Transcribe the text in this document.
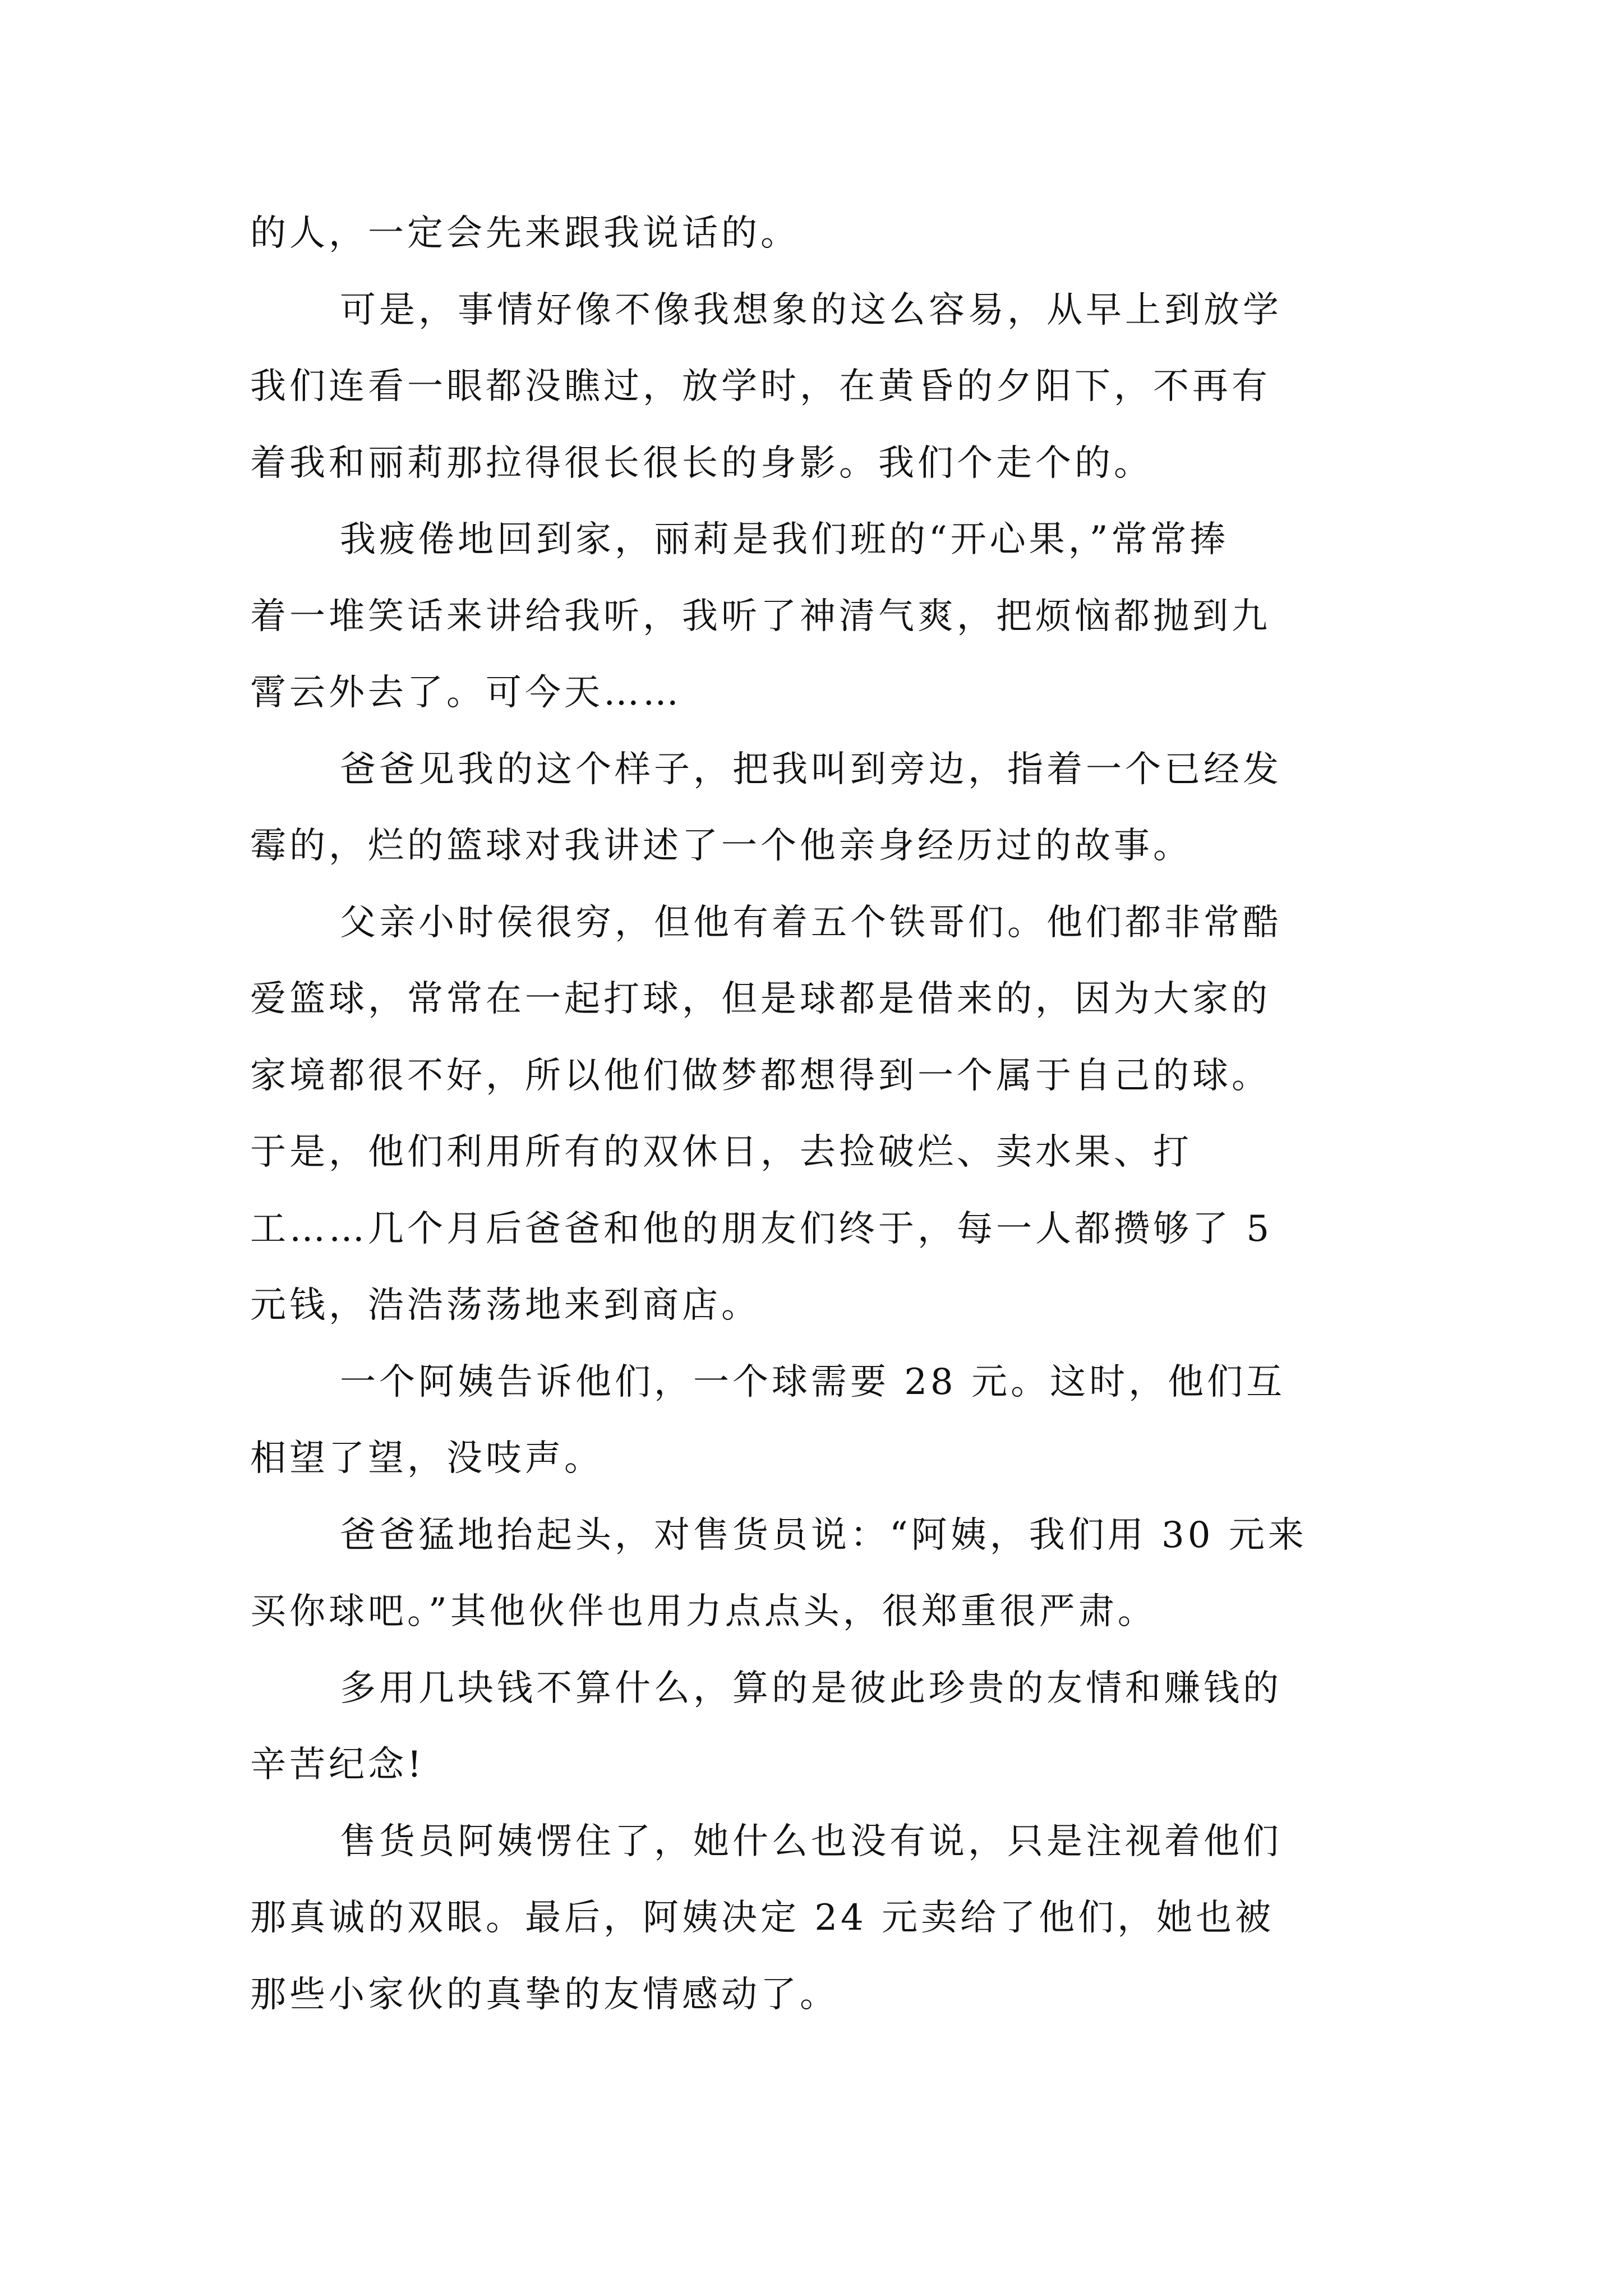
的人，一定会先来跟我说话的。
可是，事情好像不像我想象的这么容易，从早上到放学
我们连看一眼都没瞧过，放学时，在黄昏的夕阳下，不再有
着我和丽莉那拉得很长很长的身影。我们个走个的。
我疲倦地回到家，丽莉是我们班的“开心果，”常常捧
着一堆笑话来讲给我听，我听了神清气爽，把烦恼都抛到九
霄云外去了。可今天……
爸爸见我的这个样子，把我叫到旁边，指着一个已经发
霉的，烂的篮球对我讲述了一个他亲身经历过的故事。
父亲小时侯很穷，但他有着五个铁哥们。他们都非常酷
爱篮球，常常在一起打球，但是球都是借来的，因为大家的
家境都很不好，所以他们做梦都想得到一个属于自己的球。
于是，他们利用所有的双休日，去捡破烂、卖水果、打
工……几个月后爸爸和他的朋友们终于，每一人都攒够了 5
元钱，浩浩荡荡地来到商店。
一个阿姨告诉他们，一个球需要 28 元。这时，他们互
相望了望，没吱声。
爸爸猛地抬起头，对售货员说：“阿姨，我们用 30 元来
买你球吧。”其他伙伴也用力点点头，很郑重很严肃。
多用几块钱不算什么，算的是彼此珍贵的友情和赚钱的
辛苦纪念!
售货员阿姨愣住了，她什么也没有说，只是注视着他们
那真诚的双眼。最后，阿姨决定 24 元卖给了他们，她也被
那些小家伙的真挚的友情感动了。
